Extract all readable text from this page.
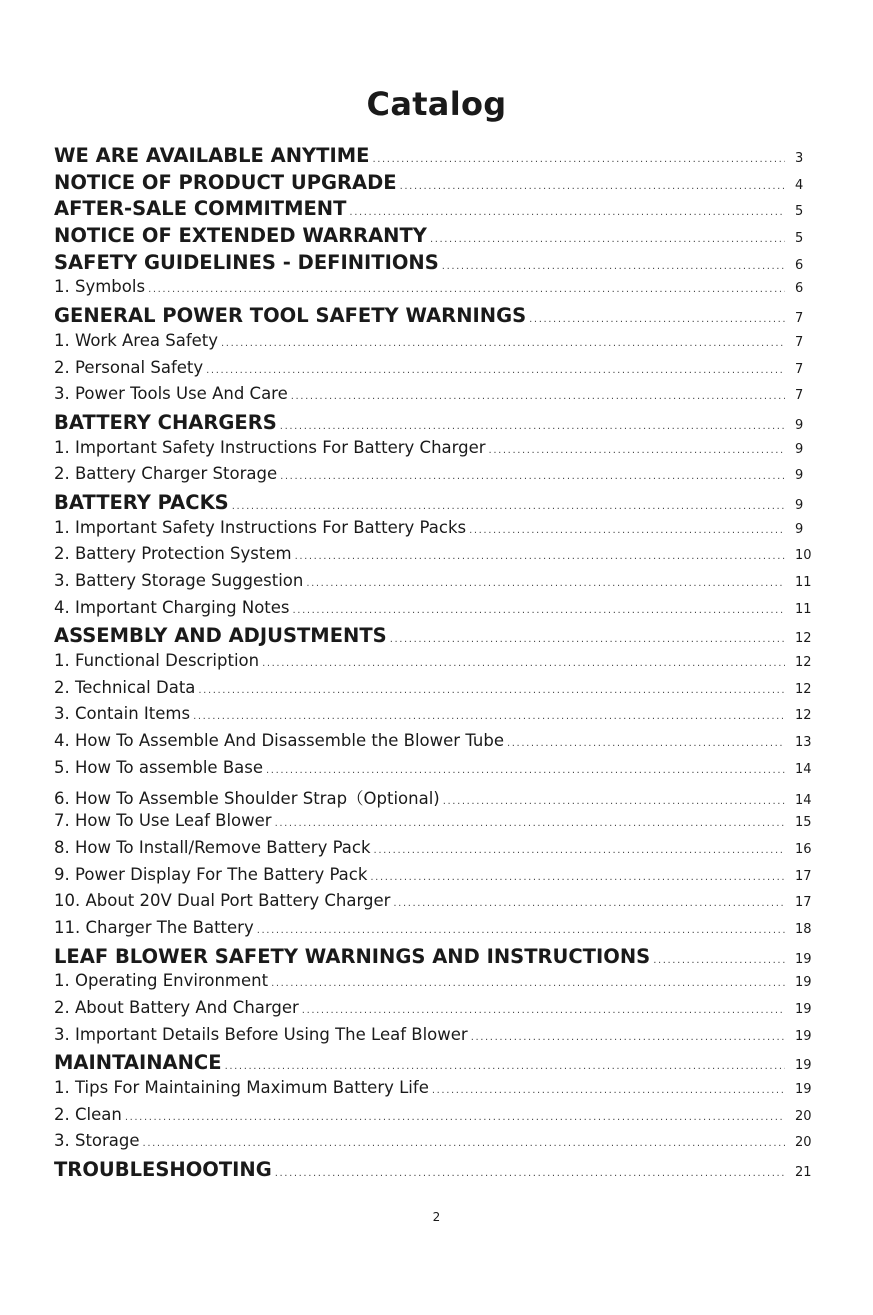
Catalog
WE ARE AVAILABLE ANYTIME .....	3
NOTICE OF PRODUCT UPGRADE .....	4
AFTER-SALE COMMITMENT .....	5
NOTICE OF EXTENDED WARRANTY .....	5
SAFETY GUIDELINES - DEFINITIONS .....	6
1. Symbols .....	6
GENERAL POWER TOOL SAFETY WARNINGS .....	7
1. Work Area Safety .....	7
2. Personal Safety .....	7
3. Power Tools Use And Care .....	7
BATTERY CHARGERS .....	9
1. Important Safety Instructions For Battery Charger .....	9
2. Battery Charger Storage .....	9
BATTERY PACKS .....	9
1. Important Safety Instructions For Battery Packs .....	9
2. Battery Protection System .....	10
3. Battery Storage Suggestion .....	11
4. Important Charging Notes .....	11
ASSEMBLY AND ADJUSTMENTS .....	12
1. Functional Description .....	12
2. Technical Data .....	12
3. Contain Items .....	12
4. How To Assemble And Disassemble the Blower Tube .....	13
5. How To assemble Base .....	14
6. How To Assemble Shoulder Strap（Optional) .....	14
7. How To Use Leaf Blower .....	15
8. How To Install/Remove Battery Pack .....	16
9. Power Display For The Battery Pack .....	17
10. About 20V Dual Port Battery Charger .....	17
11. Charger The Battery .....	18
LEAF BLOWER SAFETY WARNINGS AND INSTRUCTIONS .....	19
1. Operating Environment .....	19
2. About Battery And Charger .....	19
3. Important Details Before Using The Leaf Blower .....	19
MAINTAINANCE .....	19
1. Tips For Maintaining Maximum Battery Life .....	19
2. Clean .....	20
3. Storage .....	20
TROUBLESHOOTING .....	21
2
